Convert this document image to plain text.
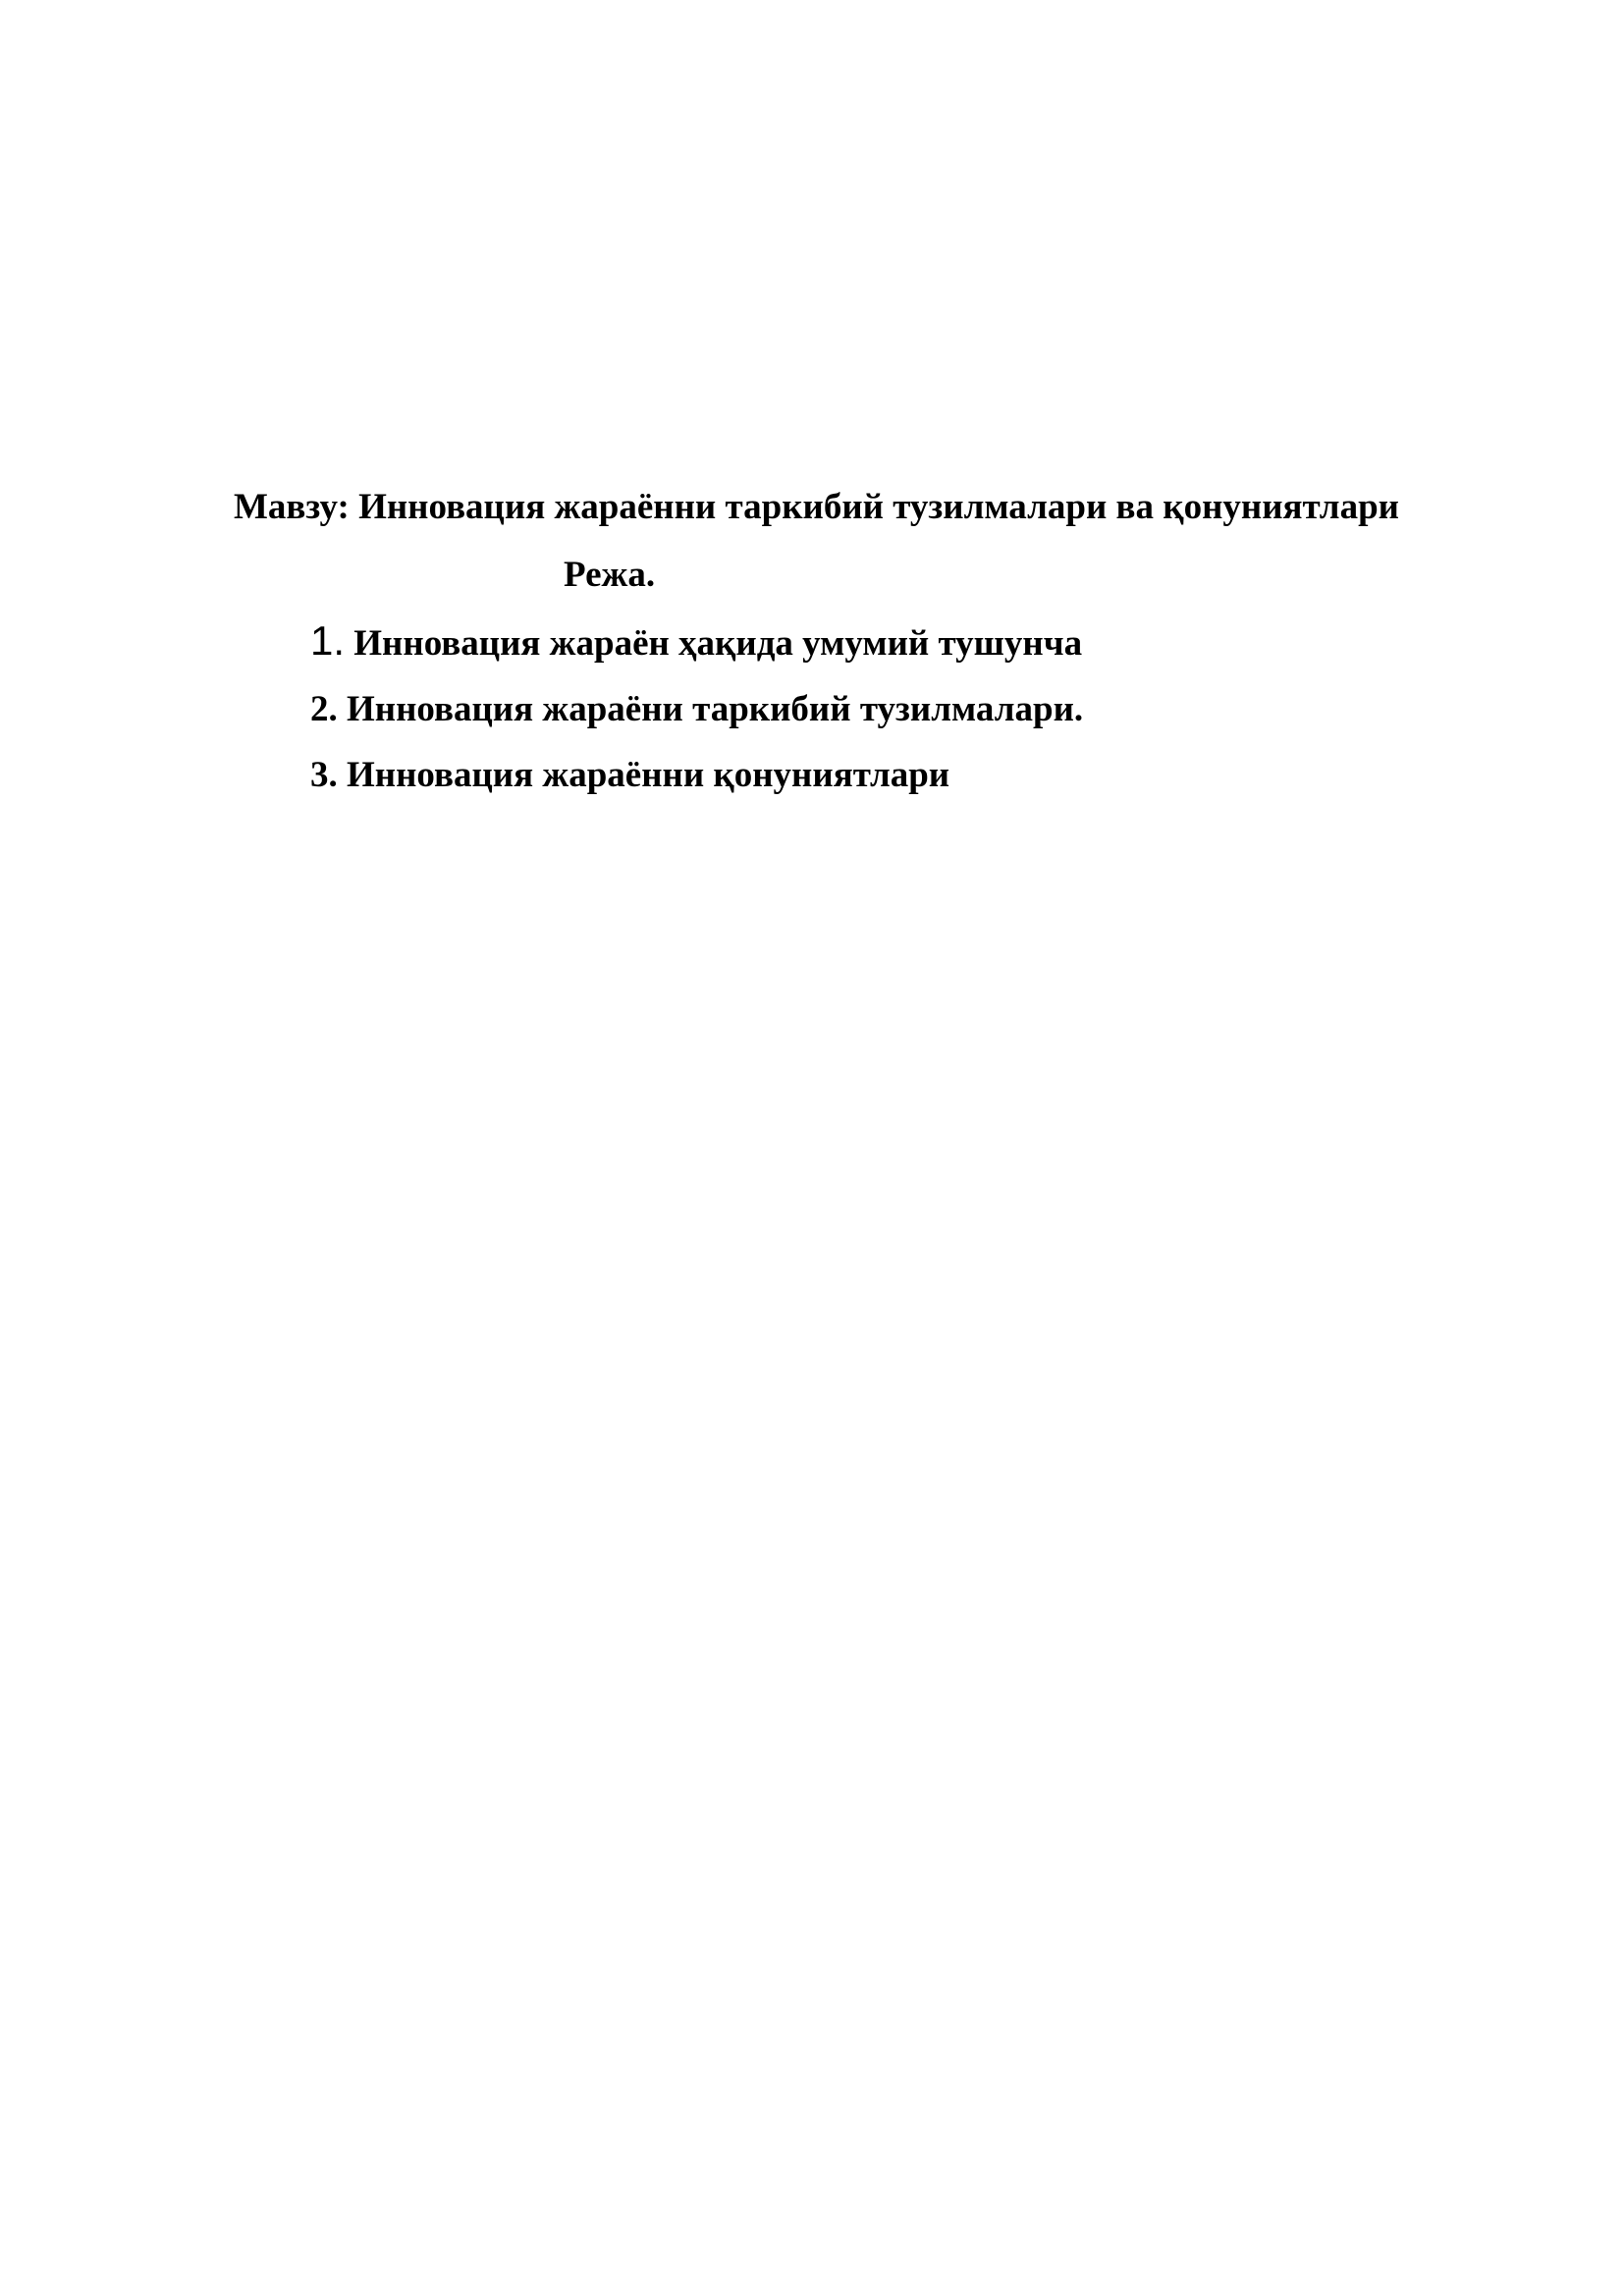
Мавзу: Инновация жараённи таркибий тузилмалари ва қонуниятлари
Режа.
1. Инновация жараён ҳақида умумий тушунча
2. Инновация жараёни таркибий тузилмалари.
3. Инновация жараённи қонуниятлари
